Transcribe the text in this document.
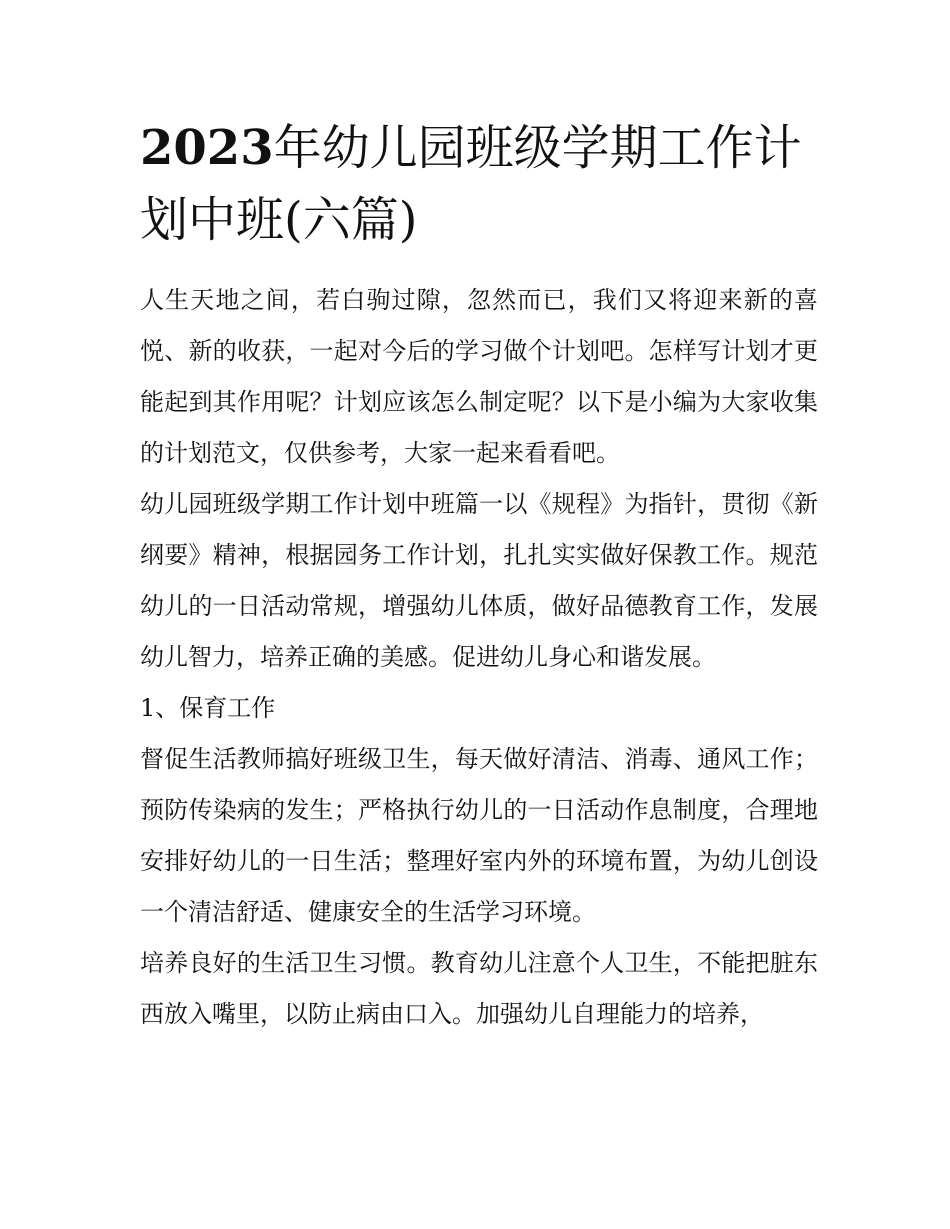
2023年幼儿园班级学期工作计划中班(六篇)

人生天地之间，若白驹过隙，忽然而已，我们又将迎来新的喜悦、新的收获，一起对今后的学习做个计划吧。怎样写计划才更能起到其作用呢？计划应该怎么制定呢？以下是小编为大家收集的计划范文，仅供参考，大家一起来看看吧。

幼儿园班级学期工作计划中班篇一以《规程》为指针，贯彻《新纲要》精神，根据园务工作计划，扎扎实实做好保教工作。规范幼儿的一日活动常规，增强幼儿体质，做好品德教育工作，发展幼儿智力，培养正确的美感。促进幼儿身心和谐发展。

1、保育工作

督促生活教师搞好班级卫生，每天做好清洁、消毒、通风工作；预防传染病的发生；严格执行幼儿的一日活动作息制度，合理地安排好幼儿的一日生活；整理好室内外的环境布置，为幼儿创设一个清洁舒适、健康安全的生活学习环境。

培养良好的生活卫生习惯。教育幼儿注意个人卫生，不能把脏东西放入嘴里，以防止病由口入。加强幼儿自理能力的培养，
